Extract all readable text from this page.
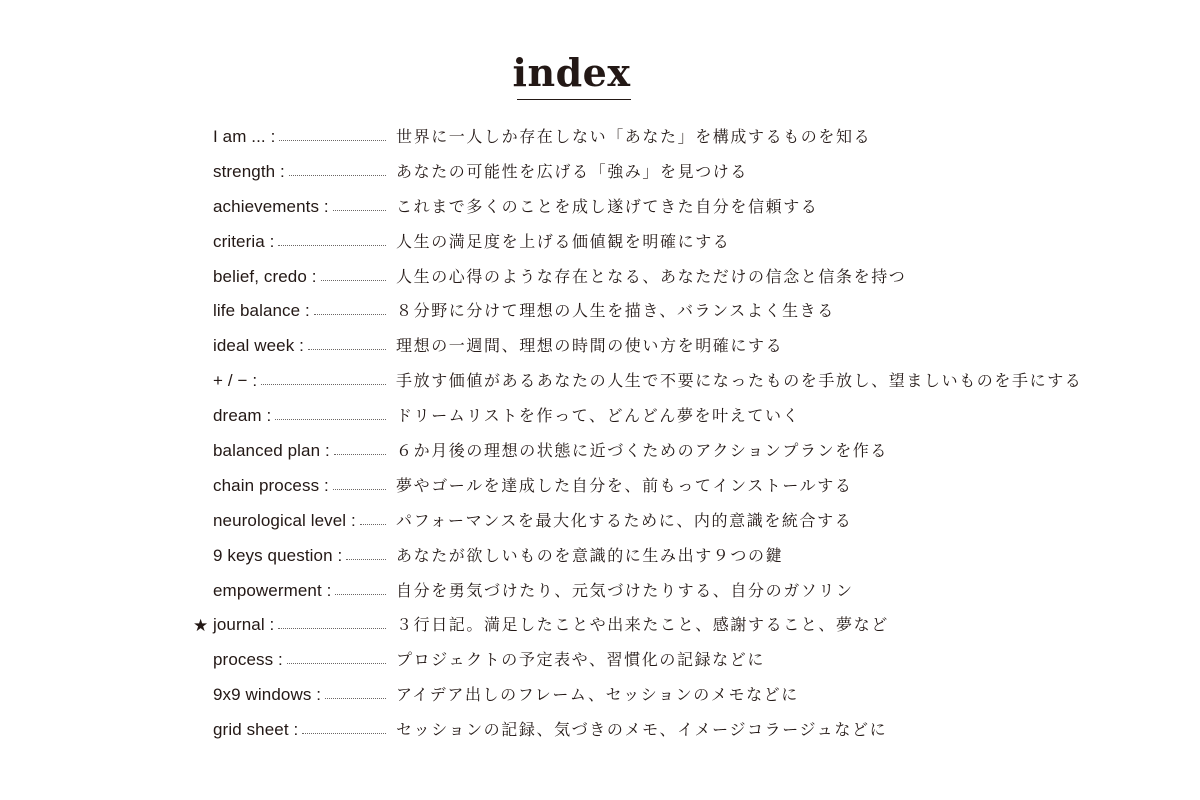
index
I am ... :	世界に一人しか存在しない「あなた」を構成するものを知る
strength :	あなたの可能性を広げる「強み」を見つける
achievements :	これまで多くのことを成し遂げてきた自分を信頼する
criteria :	人生の満足度を上げる価値観を明確にする
belief, credo :	人生の心得のような存在となる、あなただけの信念と信条を持つ
life balance :	８分野に分けて理想の人生を描き、バランスよく生きる
ideal week :	理想の一週間、理想の時間の使い方を明確にする
+ / − :	手放す価値があるあなたの人生で不要になったものを手放し、望ましいものを手にする
dream :	ドリームリストを作って、どんどん夢を叶えていく
balanced plan :	６か月後の理想の状態に近づくためのアクションプランを作る
chain process :	夢やゴールを達成した自分を、前もってインストールする
neurological level :	パフォーマンスを最大化するために、内的意識を統合する
9 keys question :	あなたが欲しいものを意識的に生み出す９つの鍵
empowerment :	自分を勇気づけたり、元気づけたりする、自分のガソリン
★ journal :	３行日記。満足したことや出来たこと、感謝すること、夢など
process :	プロジェクトの予定表や、習慣化の記録などに
9x9 windows :	アイデア出しのフレーム、セッションのメモなどに
grid sheet :	セッションの記録、気づきのメモ、イメージコラージュなどに
